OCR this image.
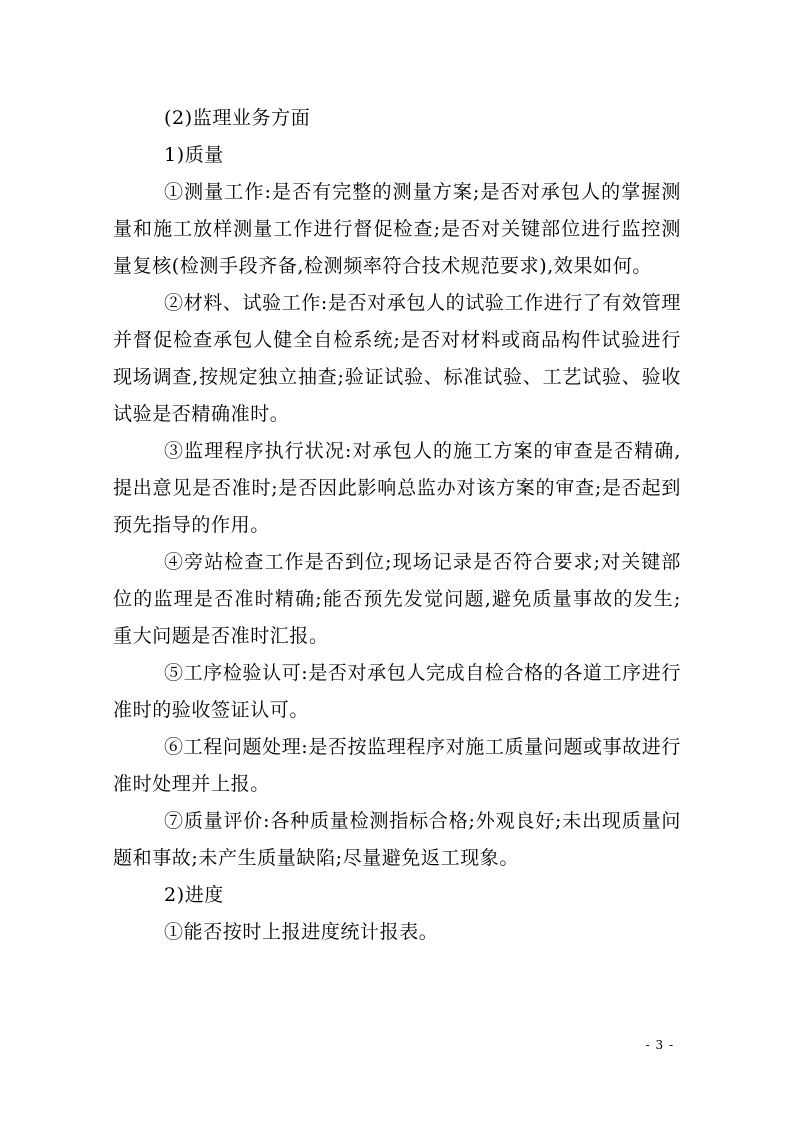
(2)监理业务方面

1)质量

①测量工作:是否有完整的测量方案;是否对承包人的掌握测量和施工放样测量工作进行督促检查;是否对关键部位进行监控测量复核(检测手段齐备,检测频率符合技术规范要求),效果如何。

②材料、试验工作:是否对承包人的试验工作进行了有效管理并督促检查承包人健全自检系统;是否对材料或商品构件试验进行现场调查,按规定独立抽查;验证试验、标准试验、工艺试验、验收试验是否精确准时。

③监理程序执行状况:对承包人的施工方案的审查是否精确,提出意见是否准时;是否因此影响总监办对该方案的审查;是否起到预先指导的作用。

④旁站检查工作是否到位;现场记录是否符合要求;对关键部位的监理是否准时精确;能否预先发觉问题,避免质量事故的发生;重大问题是否准时汇报。

⑤工序检验认可:是否对承包人完成自检合格的各道工序进行准时的验收签证认可。

⑥工程问题处理:是否按监理程序对施工质量问题或事故进行准时处理并上报。

⑦质量评价:各种质量检测指标合格;外观良好;未出现质量问题和事故;未产生质量缺陷;尽量避免返工现象。

2)进度

①能否按时上报进度统计报表。

- 3 -
